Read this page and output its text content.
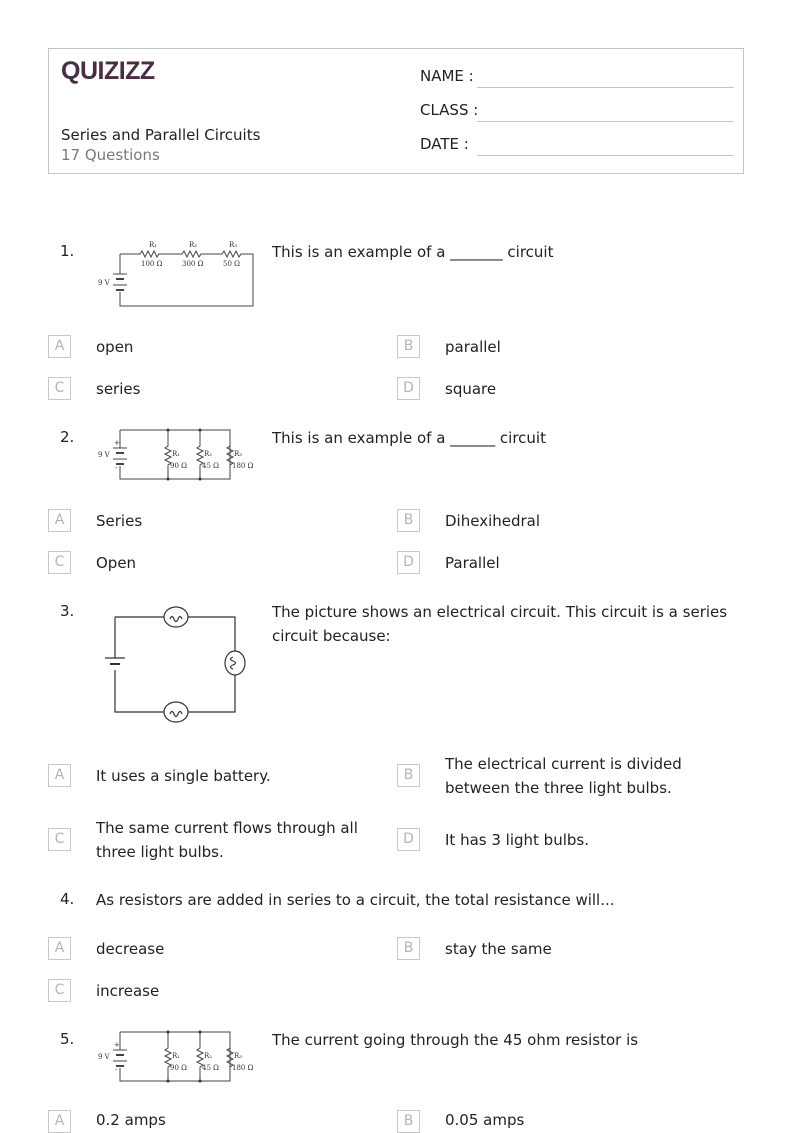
QUIZIZZ
Series and Parallel Circuits
17 Questions
NAME :
CLASS :
DATE :
1.
9 V
R₁	R₂	R₃
100 Ω	300 Ω	50 Ω
This is an example of a _______ circuit
A	open	B	parallel
C	series	D	square
2.	+
-
9 V	R₁	R₂	R₃
90 Ω 45 Ω 180 Ω
This is an example of a ______ circuit
A	Series	B	Dihexihedral
C	Open	D	Parallel
3.	The picture shows an electrical circuit. This circuit is a series circuit because:
A	It uses a single battery.	B
The electrical current is divided between the three light bulbs.
C
The same current flows through all three light bulbs.
D	It has 3 light bulbs.
4. As resistors are added in series to a circuit, the total resistance will...
A	decrease	B	stay the same
C	increase
5.	+
-
9 V	R₁	R₂	R₃
90 Ω 45 Ω 180 Ω
The current going through the 45 ohm resistor is
A	0.2 amps	B	0.05 amps
